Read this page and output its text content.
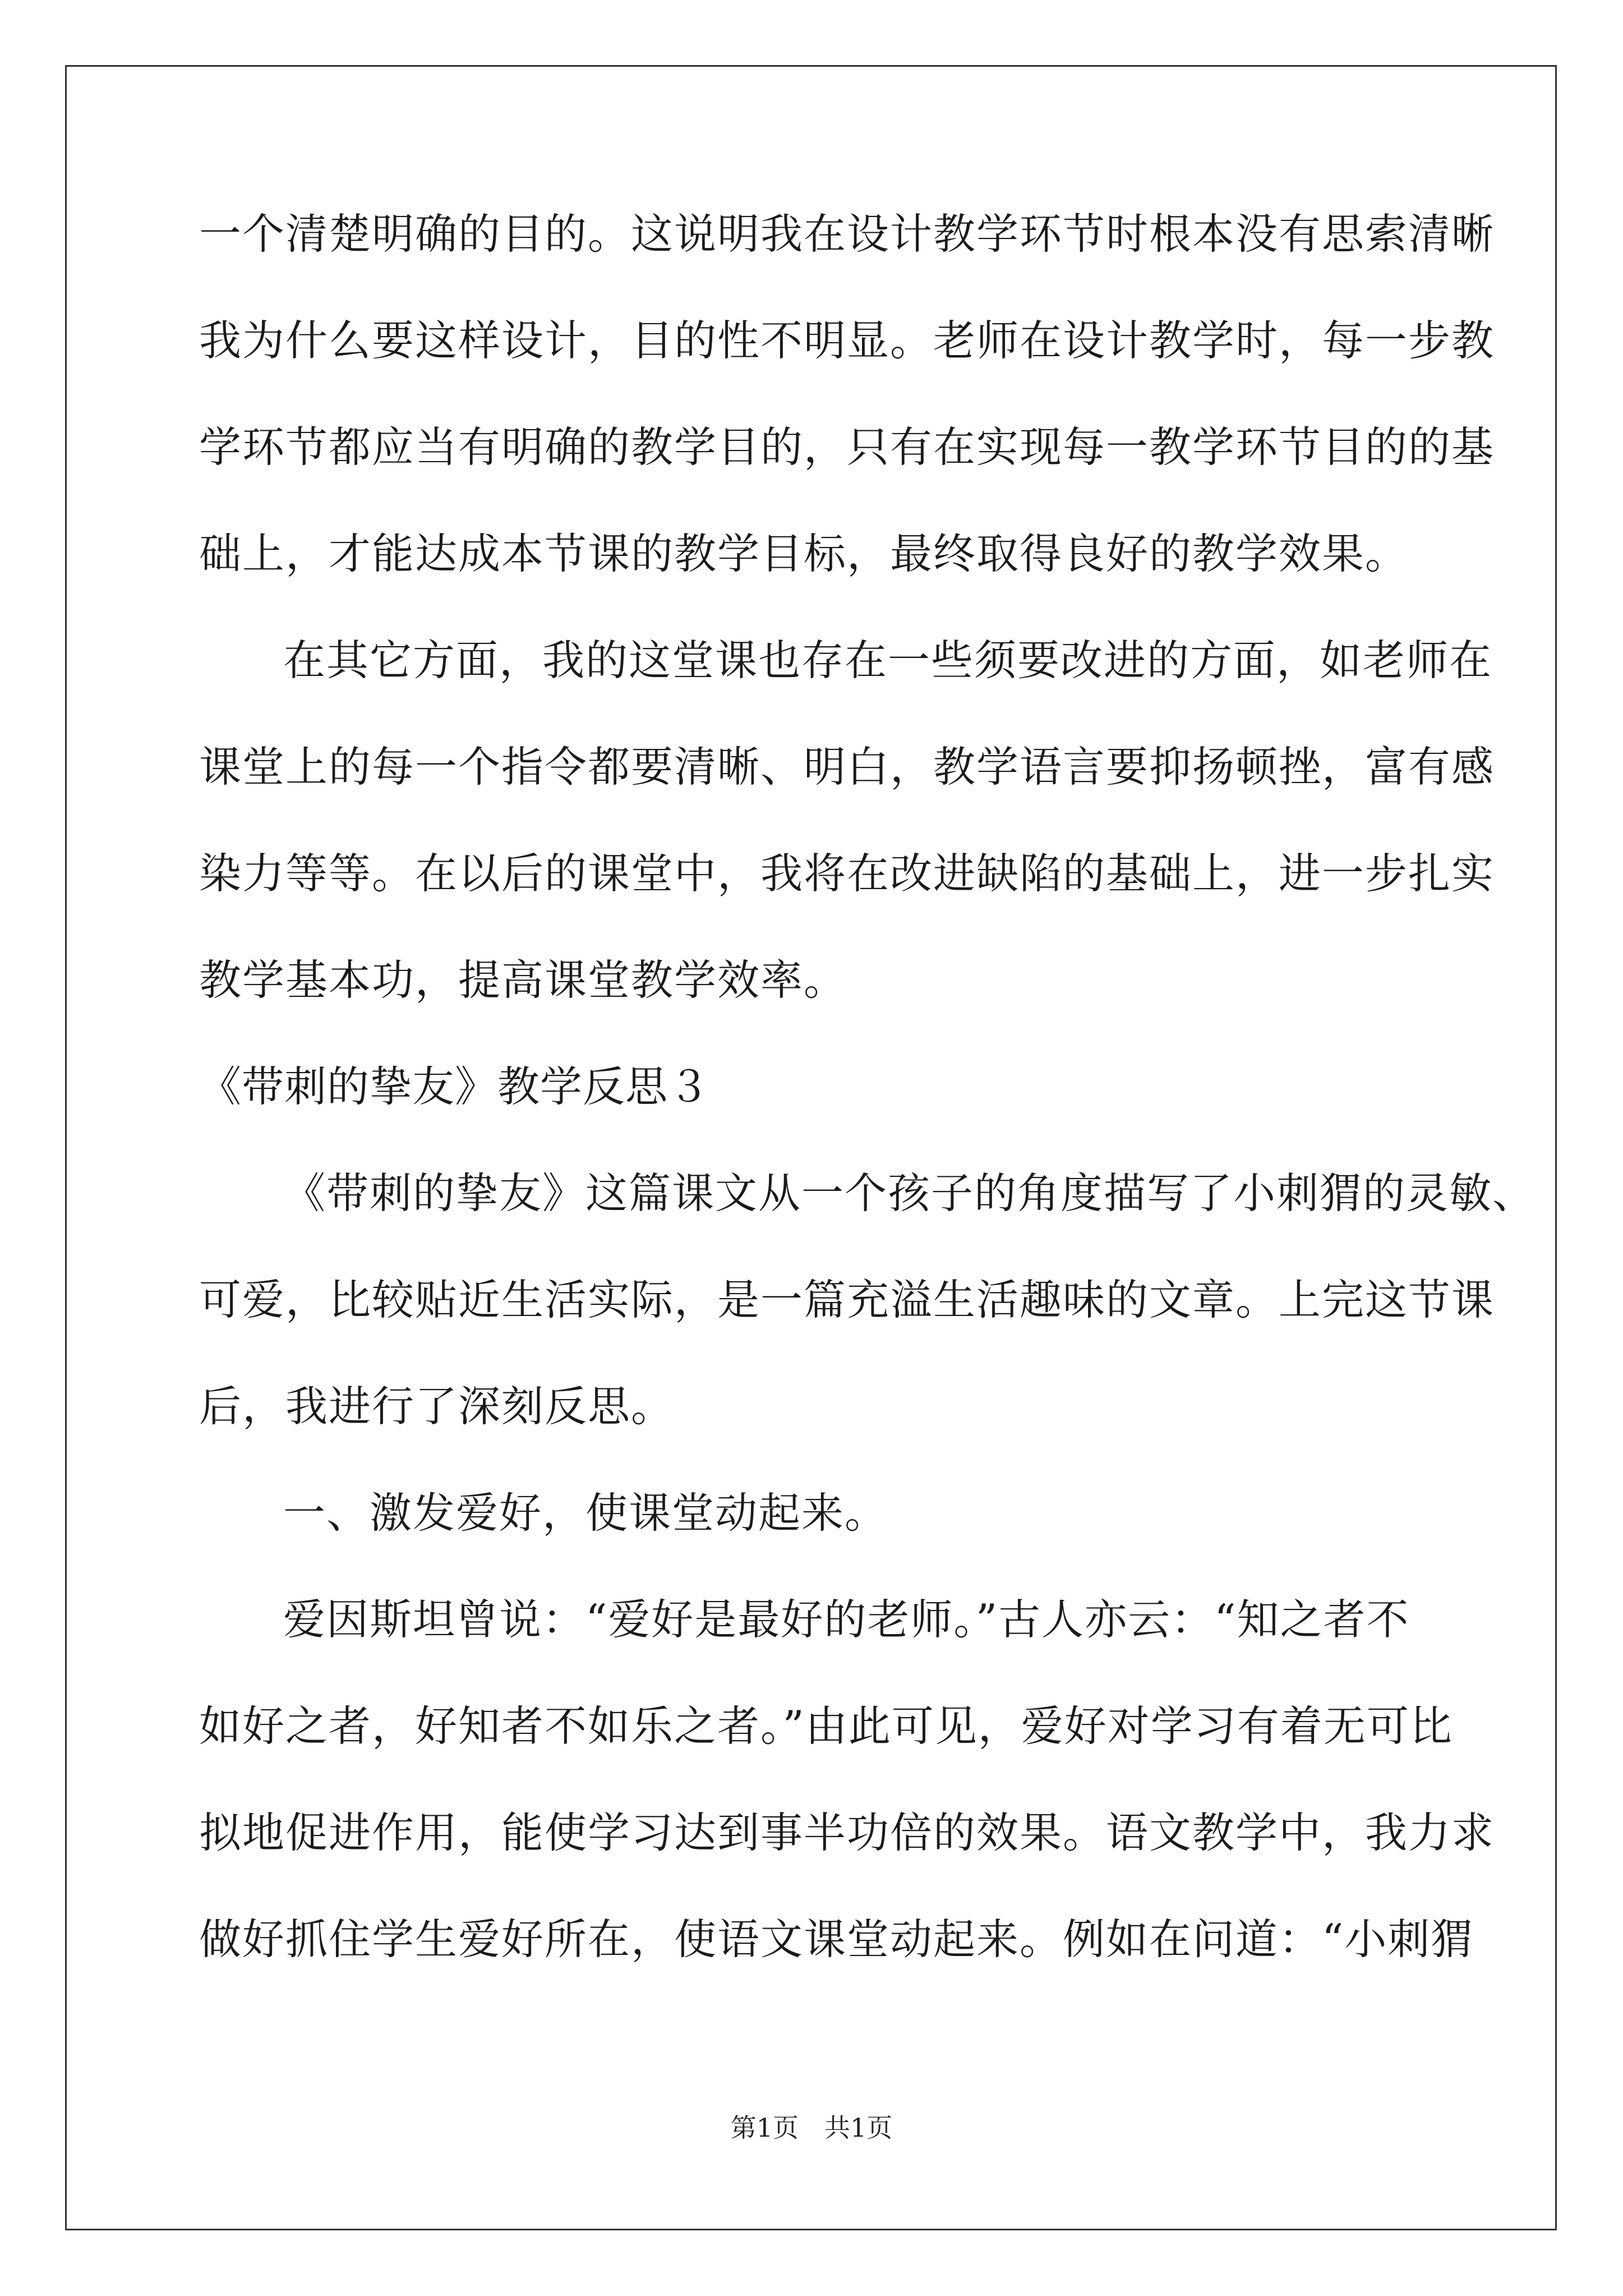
一个清楚明确的目的。这说明我在设计教学环节时根本没有思索清晰
我为什么要这样设计，目的性不明显。老师在设计教学时，每一步教
学环节都应当有明确的教学目的，只有在实现每一教学环节目的的基
础上，才能达成本节课的教学目标，最终取得良好的教学效果。
在其它方面，我的这堂课也存在一些须要改进的方面，如老师在
课堂上的每一个指令都要清晰、明白，教学语言要抑扬顿挫，富有感
染力等等。在以后的课堂中，我将在改进缺陷的基础上，进一步扎实
教学基本功，提高课堂教学效率。
《带刺的挚友》教学反思３
《带刺的挚友》这篇课文从一个孩子的角度描写了小刺猬的灵敏、
可爱，比较贴近生活实际，是一篇充溢生活趣味的文章。上完这节课
后，我进行了深刻反思。
一、激发爱好，使课堂动起来。
爱因斯坦曾说：“爱好是最好的老师。”古人亦云：“知之者不
如好之者，好知者不如乐之者。”由此可见，爱好对学习有着无可比
拟地促进作用，能使学习达到事半功倍的效果。语文教学中，我力求
做好抓住学生爱好所在，使语文课堂动起来。例如在问道：“小刺猬
第1页　共1页
